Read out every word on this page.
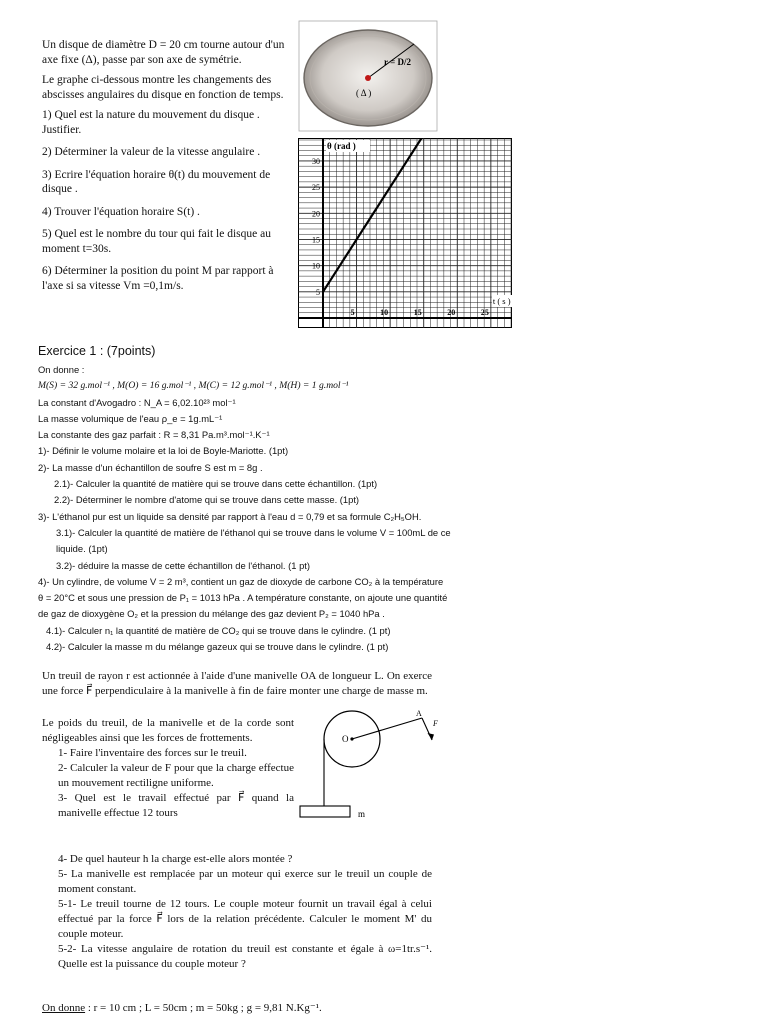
Un disque de diamètre D = 20 cm tourne autour d'un axe fixe (Δ), passe par son axe de symétrie.

Le graphe ci-dessous montre les changements des abscisses angulaires du disque en fonction de temps.

1) Quel est la nature du mouvement du disque . Justifier.

2) Déterminer la valeur de la vitesse angulaire .

3) Ecrire l'équation horaire θ(t) du mouvement de disque .

4) Trouver l'équation horaire S(t) .

5) Quel est le nombre du tour qui fait le disque au moment t=30s.

6) Déterminer la position du point M par rapport à l'axe si sa vitesse Vm =0,1m/s.

r = D/2
( Δ )
5	10	15	20	25
5
10
15
20
25
30
θ (rad )
t ( s )
Exercice 1 : (7points)
On donne :
M(S) = 32 g.mol⁻¹ , M(O) = 16 g.mol⁻¹ , M(C) = 12 g.mol⁻¹ , M(H) = 1 g.mol⁻¹
La constant d'Avogadro : N_A = 6,02.10²³ mol⁻¹
La masse volumique de l'eau ρ_e = 1g.mL⁻¹
La constante des gaz parfait : R = 8,31 Pa.m³.mol⁻¹.K⁻¹
1)- Définir le volume molaire et la loi de Boyle-Mariotte. (1pt)
2)- La masse d'un échantillon de soufre S est m = 8g .
2.1)- Calculer la quantité de matière qui se trouve dans cette échantillon. (1pt)
2.2)- Déterminer le nombre d'atome qui se trouve dans cette masse. (1pt)
3)- L'éthanol pur est un liquide sa densité par rapport à l'eau d = 0,79 et sa formule C₂H₅OH.
3.1)- Calculer la quantité de matière de l'éthanol qui se trouve dans le volume V = 100mL de ce
liquide. (1pt)
3.2)- déduire la masse de cette échantillon de l'éthanol. (1 pt)
4)- Un cylindre, de volume V = 2 m³, contient un gaz de dioxyde de carbone CO₂ à la température
θ = 20°C et sous une pression de P₁ = 1013 hPa . A température constante, on ajoute une quantité
de gaz de dioxygène O₂ et la pression du mélange des gaz devient P₂ = 1040 hPa .
4.1)- Calculer n₁ la quantité de matière de CO₂ qui se trouve dans le cylindre. (1 pt)
4.2)- Calculer la masse m du mélange gazeux qui se trouve dans le cylindre. (1 pt)
Un treuil de rayon r est actionnée à l'aide d'une manivelle OA de longueur L. On exerce une force F⃗ perpendiculaire à la manivelle à fin de faire monter une charge de masse m.

Le poids du treuil, de la manivelle et de la corde sont négligeables ainsi que les forces de frottements.

1- Faire l'inventaire des forces sur le treuil.

2- Calculer la valeur de F pour que la charge effectue un mouvement rectiligne uniforme.

3- Quel est le travail effectué par F⃗ quand la manivelle effectue 12 tours

O
A
F⃗
m

4- De quel hauteur h la charge est-elle alors montée ?

5- La manivelle est remplacée par un moteur qui exerce sur le treuil un couple de moment constant.

5-1- Le treuil tourne de 12 tours. Le couple moteur fournit un travail égal à celui effectué par la force F⃗ lors de la relation précédente. Calculer le moment M' du couple moteur.

5-2- La vitesse angulaire de rotation du treuil est constante et égale à ω=1tr.s⁻¹. Quelle est la puissance du couple moteur ?

On donne : r = 10 cm ; L = 50cm ; m = 50kg ; g = 9,81 N.Kg⁻¹.
